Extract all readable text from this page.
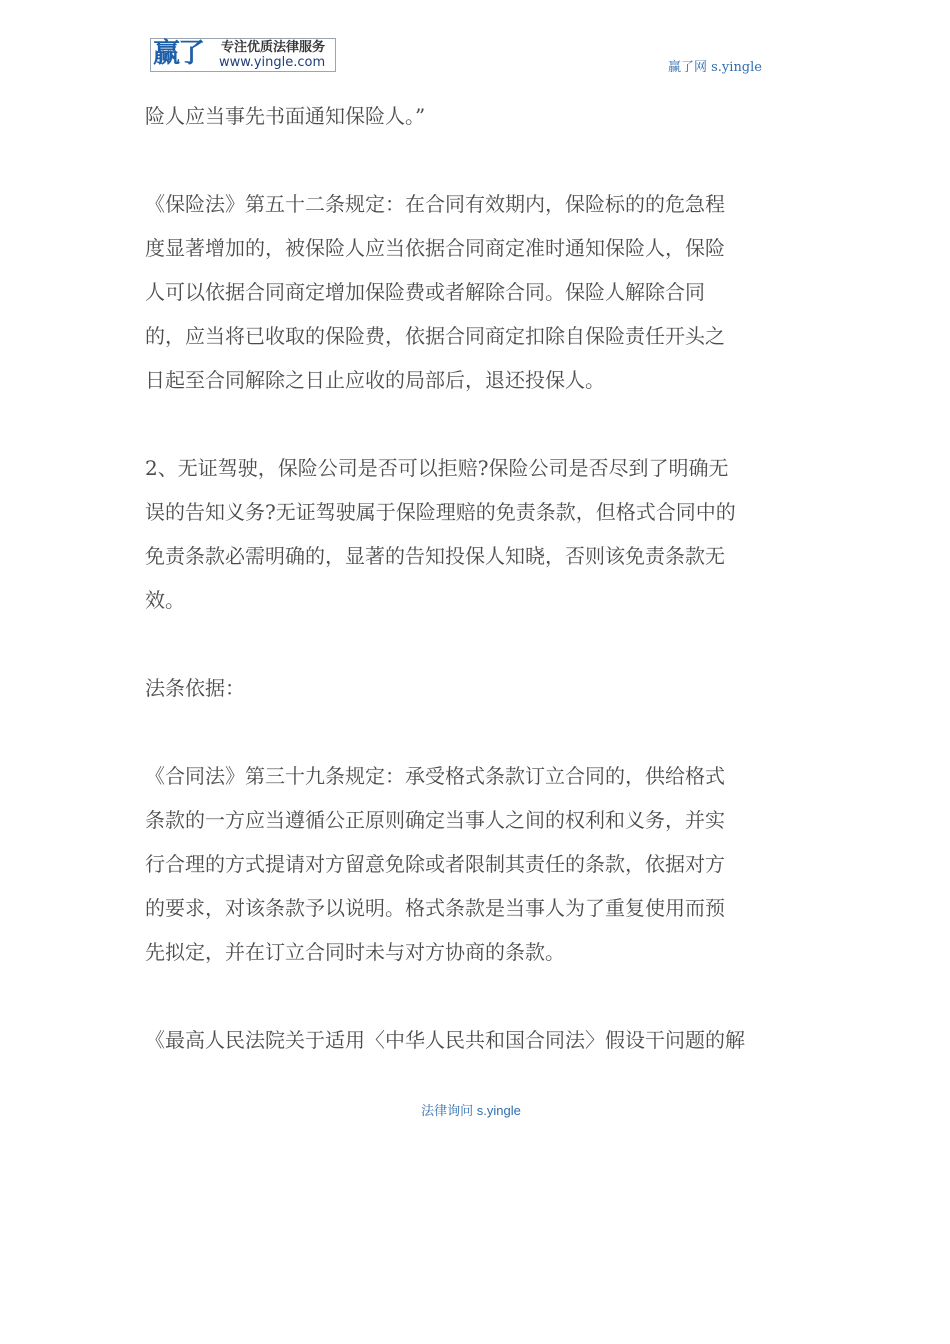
赢了 专注优质法律服务
www.yingle.com	赢了网 s.yingle

险人应当事先书面通知保险人。”

《保险法》第五十二条规定：在合同有效期内，保险标的的危急程
度显著增加的，被保险人应当依据合同商定准时通知保险人，保险
人可以依据合同商定增加保险费或者解除合同。保险人解除合同
的，应当将已收取的保险费，依据合同商定扣除自保险责任开头之
日起至合同解除之日止应收的局部后，退还投保人。

2、无证驾驶，保险公司是否可以拒赔?保险公司是否尽到了明确无
误的告知义务?无证驾驶属于保险理赔的免责条款，但格式合同中的
免责条款必需明确的，显著的告知投保人知晓，否则该免责条款无
效。

法条依据：

《合同法》第三十九条规定：承受格式条款订立合同的，供给格式
条款的一方应当遵循公正原则确定当事人之间的权利和义务，并实
行合理的方式提请对方留意免除或者限制其责任的条款，依据对方
的要求，对该条款予以说明。格式条款是当事人为了重复使用而预
先拟定，并在订立合同时未与对方协商的条款。

《最高人民法院关于适用〈中华人民共和国合同法〉假设干问题的解

法律询问 s.yingle
